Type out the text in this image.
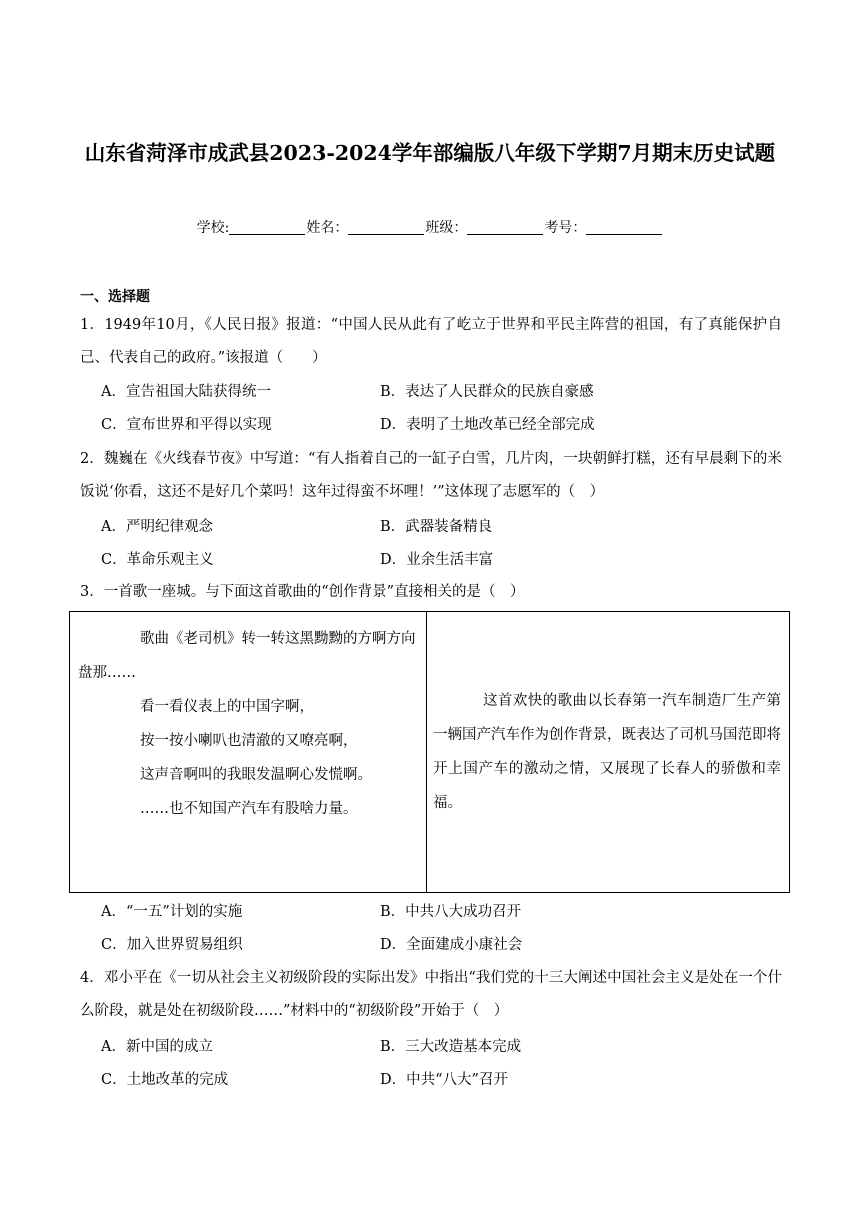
山东省菏泽市成武县2023-2024学年部编版八年级下学期7月期末历史试题
学校:	姓名：	班级：	考号：
一、选择题
1．1949年10月，《人民日报》报道：“中国人民从此有了屹立于世界和平民主阵营的祖国，有了真能保护自己、代表自己的政府。”该报道（　　）
A．宣告祖国大陆获得统一	B．表达了人民群众的民族自豪感
C．宣布世界和平得以实现	D．表明了土地改革已经全部完成
2．魏巍在《火线春节夜》中写道：“有人指着自己的一缸子白雪，几片肉，一块朝鲜打糕，还有早晨剩下的米饭说‘你看，这还不是好几个菜吗！这年过得蛮不坏哩！’”这体现了志愿军的（　）
A．严明纪律观念	B．武器装备精良
C．革命乐观主义	D．业余生活丰富
3．一首歌一座城。与下面这首歌曲的“创作背景”直接相关的是（　）
歌曲《老司机》转一转这黑黝黝的方啊方向盘那……
看一看仪表上的中国字啊，
按一按小喇叭也清澈的又嘹亮啊，
这声音啊叫的我眼发温啊心发慌啊。
……也不知国产汽车有股啥力量。

这首欢快的歌曲以长春第一汽车制造厂生产第一辆国产汽车作为创作背景，既表达了司机马国范即将开上国产车的激动之情，又展现了长春人的骄傲和幸福。

A．“一五”计划的实施	B．中共八大成功召开
C．加入世界贸易组织	D．全面建成小康社会
4．邓小平在《一切从社会主义初级阶段的实际出发》中指出“我们党的十三大阐述中国社会主义是处在一个什么阶段，就是处在初级阶段……”材料中的“初级阶段”开始于（　）
A．新中国的成立	B．三大改造基本完成
C．土地改革的完成	D．中共“八大”召开
